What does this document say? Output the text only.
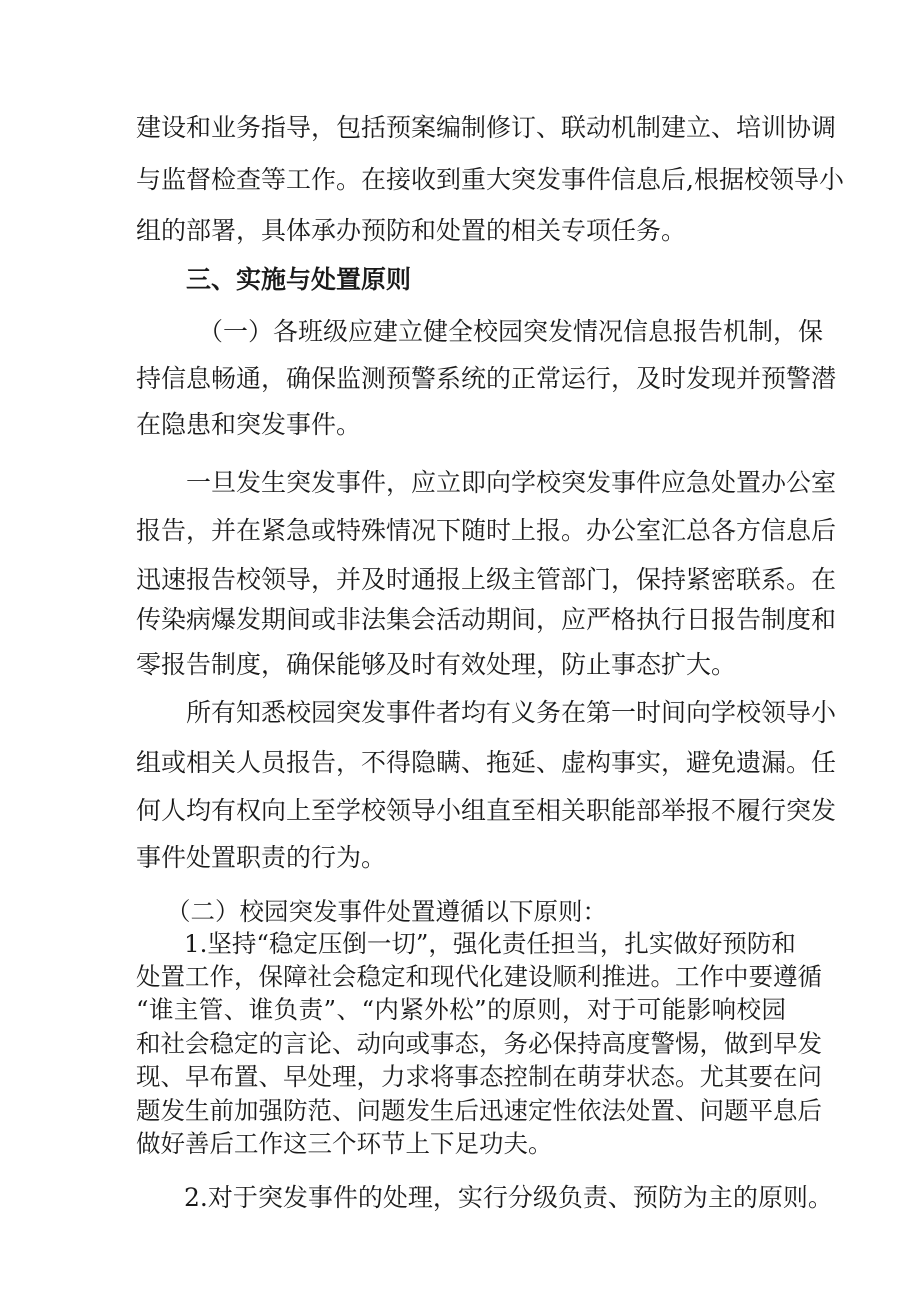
建设和业务指导，包括预案编制修订、联动机制建立、培训协调
与监督检查等工作。在接收到重大突发事件信息后,根据校领导小
组的部署，具体承办预防和处置的相关专项任务。
三、实施与处置原则
（一）各班级应建立健全校园突发情况信息报告机制，保
持信息畅通，确保监测预警系统的正常运行，及时发现并预警潜
在隐患和突发事件。
一旦发生突发事件，应立即向学校突发事件应急处置办公室
报告，并在紧急或特殊情况下随时上报。办公室汇总各方信息后
迅速报告校领导，并及时通报上级主管部门，保持紧密联系。在
传染病爆发期间或非法集会活动期间，应严格执行日报告制度和
零报告制度，确保能够及时有效处理，防止事态扩大。
所有知悉校园突发事件者均有义务在第一时间向学校领导小
组或相关人员报告，不得隐瞒、拖延、虚构事实，避免遗漏。任
何人均有权向上至学校领导小组直至相关职能部举报不履行突发
事件处置职责的行为。
（二）校园突发事件处置遵循以下原则：
1.坚持“稳定压倒一切”，强化责任担当，扎实做好预防和
处置工作，保障社会稳定和现代化建设顺利推进。工作中要遵循
“谁主管、谁负责”、“内紧外松”的原则，对于可能影响校园
和社会稳定的言论、动向或事态，务必保持高度警惕，做到早发
现、早布置、早处理，力求将事态控制在萌芽状态。尤其要在问
题发生前加强防范、问题发生后迅速定性依法处置、问题平息后
做好善后工作这三个环节上下足功夫。
2.对于突发事件的处理，实行分级负责、预防为主的原则。
